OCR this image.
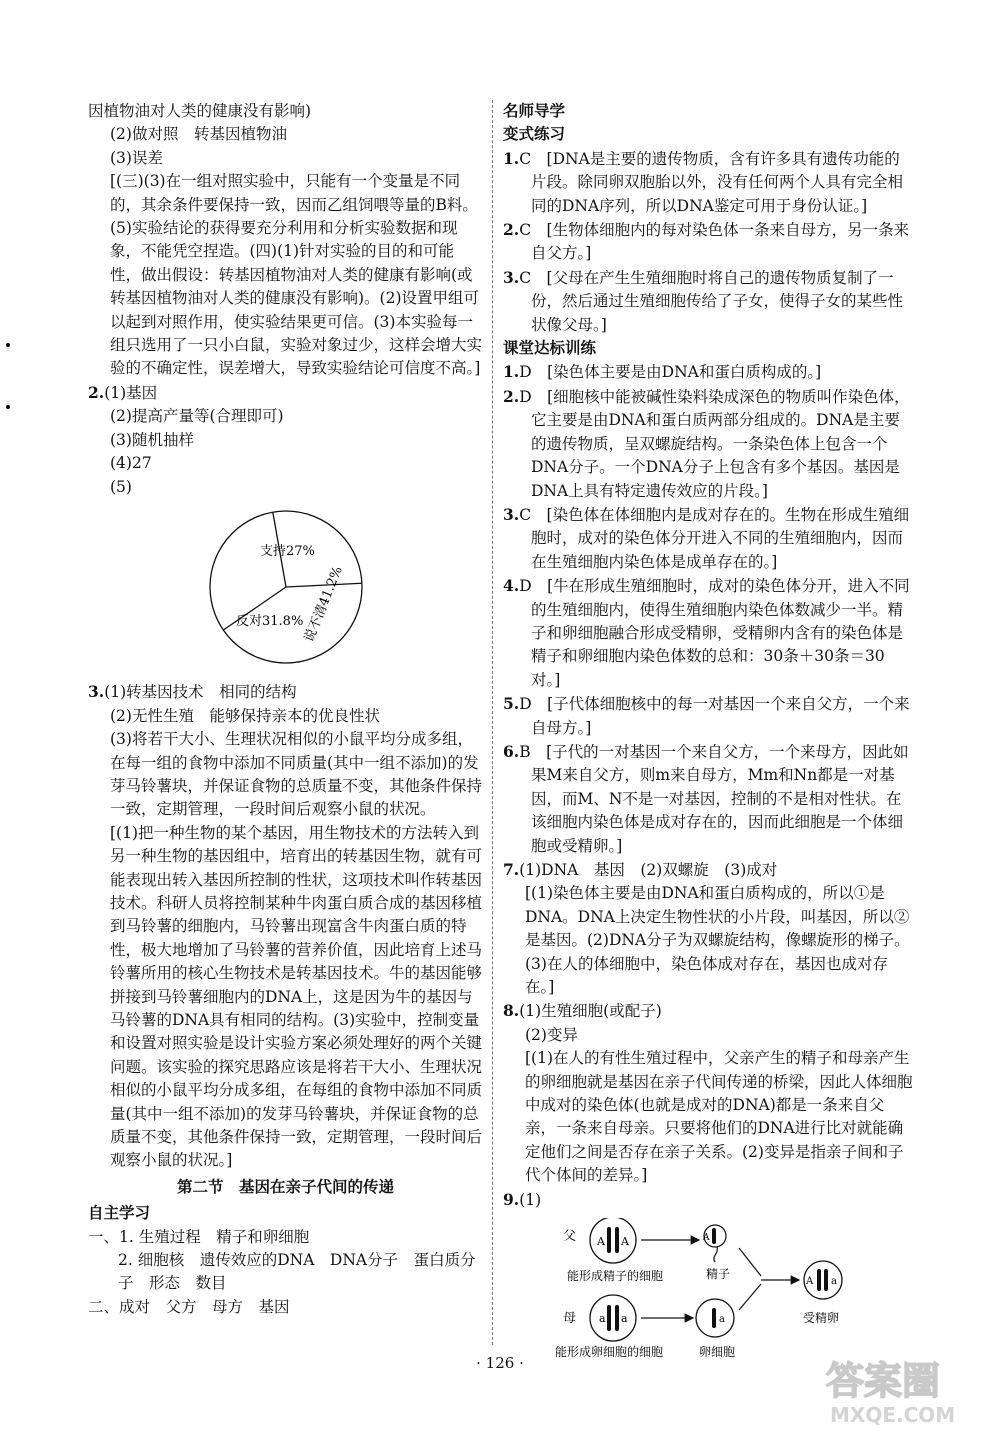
因植物油对人类的健康没有影响)

(2)做对照　转基因植物油

(3)误差

[(三)(3)在一组对照实验中，只能有一个变量是不同的，其余条件要保持一致，因而乙组饲喂等量的B料。(5)实验结论的获得要充分利用和分析实验数据和现象，不能凭空捏造。(四)(1)针对实验的目的和可能性，做出假设：转基因植物油对人类的健康有影响(或转基因植物油对人类的健康没有影响)。(2)设置甲组可以起到对照作用，使实验结果更可信。(3)本实验每一组只选用了一只小白鼠，实验对象过少，这样会增大实验的不确定性，误差增大，导致实验结论可信度不高。]

2.(1)基因

(2)提高产量等(合理即可)

(3)随机抽样

(4)27

(5)

支持27%
反对31.8%
说不清41.2%

3.(1)转基因技术　相同的结构

(2)无性生殖　能够保持亲本的优良性状

(3)将若干大小、生理状况相似的小鼠平均分成多组，在每一组的食物中添加不同质量(其中一组不添加)的发芽马铃薯块，并保证食物的总质量不变，其他条件保持一致，定期管理，一段时间后观察小鼠的状况。

[(1)把一种生物的某个基因，用生物技术的方法转入到另一种生物的基因组中，培育出的转基因生物，就有可能表现出转入基因所控制的性状，这项技术叫作转基因技术。科研人员将控制某种牛肉蛋白质合成的基因移植到马铃薯的细胞内，马铃薯出现富含牛肉蛋白质的特性，极大地增加了马铃薯的营养价值，因此培育上述马铃薯所用的核心生物技术是转基因技术。牛的基因能够拼接到马铃薯细胞内的DNA上，这是因为牛的基因与马铃薯的DNA具有相同的结构。(3)实验中，控制变量和设置对照实验是设计实验方案必须处理好的两个关键问题。该实验的探究思路应该是将若干大小、生理状况相似的小鼠平均分成多组，在每组的食物中添加不同质量(其中一组不添加)的发芽马铃薯块，并保证食物的总质量不变，其他条件保持一致，定期管理，一段时间后观察小鼠的状况。]

第二节　基因在亲子代间的传递

自主学习

一、1. 生殖过程　精子和卵细胞

2. 细胞核　遗传效应的DNA　DNA分子　蛋白质分子　形态　数目

二、成对　父方　母方　基因

名师导学

变式练习

1.C　[DNA是主要的遗传物质，含有许多具有遗传功能的片段。除同卵双胞胎以外，没有任何两个人具有完全相同的DNA序列，所以DNA鉴定可用于身份认证。]

2.C　[生物体细胞内的每对染色体一条来自母方，另一条来自父方。]

3.C　[父母在产生生殖细胞时将自己的遗传物质复制了一份，然后通过生殖细胞传给了子女，使得子女的某些性状像父母。]

课堂达标训练

1.D　[染色体主要是由DNA和蛋白质构成的。]

2.D　[细胞核中能被碱性染料染成深色的物质叫作染色体，它主要是由DNA和蛋白质两部分组成的。DNA是主要的遗传物质，呈双螺旋结构。一条染色体上包含一个DNA分子。一个DNA分子上包含有多个基因。基因是DNA上具有特定遗传效应的片段。]

3.C　[染色体在体细胞内是成对存在的。生物在形成生殖细胞时，成对的染色体分开进入不同的生殖细胞内，因而在生殖细胞内染色体是成单存在的。]

4.D　[牛在形成生殖细胞时，成对的染色体分开，进入不同的生殖细胞内，使得生殖细胞内染色体数减少一半。精子和卵细胞融合形成受精卵，受精卵内含有的染色体是精子和卵细胞内染色体数的总和：30条＋30条＝30对。]

5.D　[子代体细胞核中的每一对基因一个来自父方，一个来自母方。]

6.B　[子代的一对基因一个来自父方，一个来母方，因此如果M来自父方，则m来自母方，Mm和Nn都是一对基因，而M、N不是一对基因，控制的不是相对性状。在该细胞内染色体是成对存在的，因而此细胞是一个体细胞或受精卵。]

7.(1)DNA　基因　(2)双螺旋　(3)成对

[(1)染色体主要是由DNA和蛋白质构成的，所以①是DNA。DNA上决定生物性状的小片段，叫基因，所以②是基因。(2)DNA分子为双螺旋结构，像螺旋形的梯子。(3)在人的体细胞中，染色体成对存在，基因也成对存在。]

8.(1)生殖细胞(或配子)

(2)变异

[(1)在人的有性生殖过程中，父亲产生的精子和母亲产生的卵细胞就是基因在亲子代间传递的桥梁，因此人体细胞中成对的染色体(也就是成对的DNA)都是一条来自父亲，一条来自母亲。只要将他们的DNA进行比对就能确定他们之间是否存在亲子关系。(2)变异是指亲子间和子代个体间的差异。]

9.(1)

父 A A
能形成精子的细胞
A
精子
母 a a
能形成卵细胞的细胞
a
卵细胞
A a
受精卵
· 126 ·	答案圈
MXQE.COM
